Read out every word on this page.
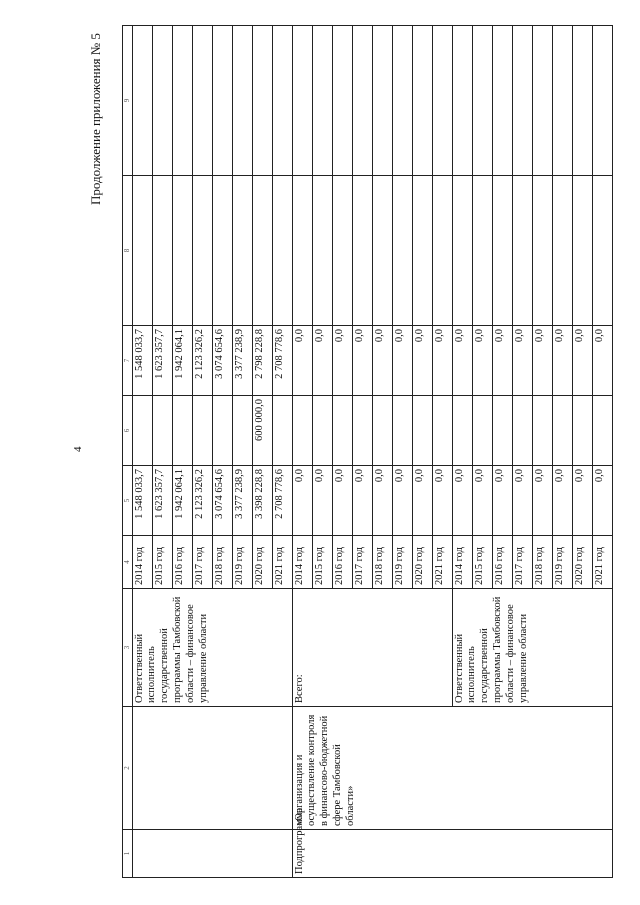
4
Продолжение приложения № 5
1	2	3	4	5	6	7	8	9
		Ответственный исполнитель государственной программы Тамбовской области – финансовое управление области	2014 год	1 548 033,7		1 548 033,7		
			2015 год	1 623 357,7		1 623 357,7		
			2016 год	1 942 064,1		1 942 064,1		
			2017 год	2 123 326,2		2 123 326,2		
			2018 год	3 074 654,6		3 074 654,6		
			2019 год	3 377 238,9		3 377 238,9		
			2020 год	3 398 228,8	600 000,0	2 798 228,8		
			2021 год	2 708 778,6		2 708 778,6		
Подпрограмма	«Организация и осуществление контроля в финансово-бюджетной сфере Тамбовской области»	Всего:	2014 год	0,0		0,0		
			2015 год	0,0		0,0		
			2016 год	0,0		0,0		
			2017 год	0,0		0,0		
			2018 год	0,0		0,0		
			2019 год	0,0		0,0		
			2020 год	0,0		0,0		
			2021 год	0,0		0,0		
		Ответственный исполнитель государственной программы Тамбовской области – финансовое управление области	2014 год	0,0		0,0		
			2015 год	0,0		0,0		
			2016 год	0,0		0,0		
			2017 год	0,0		0,0		
			2018 год	0,0		0,0		
			2019 год	0,0		0,0		
			2020 год	0,0		0,0		
			2021 год	0,0		0,0		
